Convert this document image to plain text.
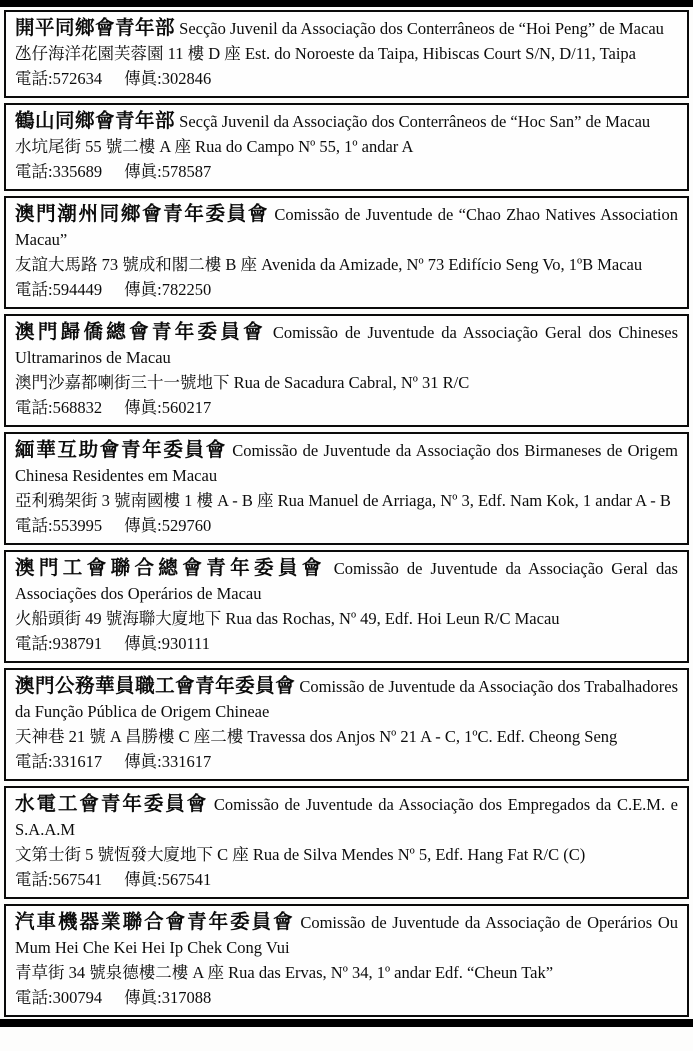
開平同鄉會青年部 Secção Juvenil da Associação dos Conterrâneos de “Hoi Peng” de Macau

氹仔海洋花園芙蓉園 11 樓 D 座 Est. do Noroeste da Taipa, Hibiscas Court S/N, D/11, Taipa

電話:572634 傳眞:302846

鶴山同鄉會青年部 Secçã Juvenil da Associação dos Conterrâneos de “Hoc San” de Macau

水坑尾街 55 號二樓 A 座 Rua do Campo Nº 55, 1º andar A

電話:335689 傳眞:578587

澳門潮州同鄉會青年委員會 Comissão de Juventude de “Chao Zhao Natives Association Macau”

友誼大馬路 73 號成和閣二樓 B 座 Avenida da Amizade, Nº 73 Edifício Seng Vo, 1ºB Macau

電話:594449 傳眞:782250

澳門歸僑總會青年委員會 Comissão de Juventude da Associação Geral dos Chineses Ultramarinos de Macau

澳門沙嘉都喇街三十一號地下 Rua de Sacadura Cabral, Nº 31 R/C

電話:568832 傳眞:560217

緬華互助會青年委員會 Comissão de Juventude da Associação dos Birmaneses de Origem Chinesa Residentes em Macau

亞利鴉架街 3 號南國樓 1 樓 A - B 座 Rua Manuel de Arriaga, Nº 3, Edf. Nam Kok, 1 andar A - B

電話:553995 傳眞:529760

澳門工會聯合總會青年委員會 Comissão de Juventude da Associação Geral das Associações dos Operários de Macau

火船頭街 49 號海聯大廈地下 Rua das Rochas, Nº 49, Edf. Hoi Leun R/C Macau

電話:938791 傳眞:930111

澳門公務華員職工會青年委員會 Comissão de Juventude da Associação dos Trabalhadores da Função Pública de Origem Chineae

天神巷 21 號 A 昌勝樓 C 座二樓 Travessa dos Anjos Nº 21 A - C, 1ºC. Edf. Cheong Seng

電話:331617 傳眞:331617

水電工會青年委員會 Comissão de Juventude da Associação dos Empregados da C.E.M. e S.A.A.M

文第士街 5 號恆發大廈地下 C 座 Rua de Silva Mendes Nº 5, Edf. Hang Fat R/C (C)

電話:567541 傳眞:567541

汽車機器業聯合會青年委員會 Comissão de Juventude da Associação de Operários Ou Mum Hei Che Kei Hei Ip Chek Cong Vui

青草街 34 號泉德樓二樓 A 座 Rua das Ervas, Nº 34, 1º andar Edf. “Cheun Tak”

電話:300794 傳眞:317088
